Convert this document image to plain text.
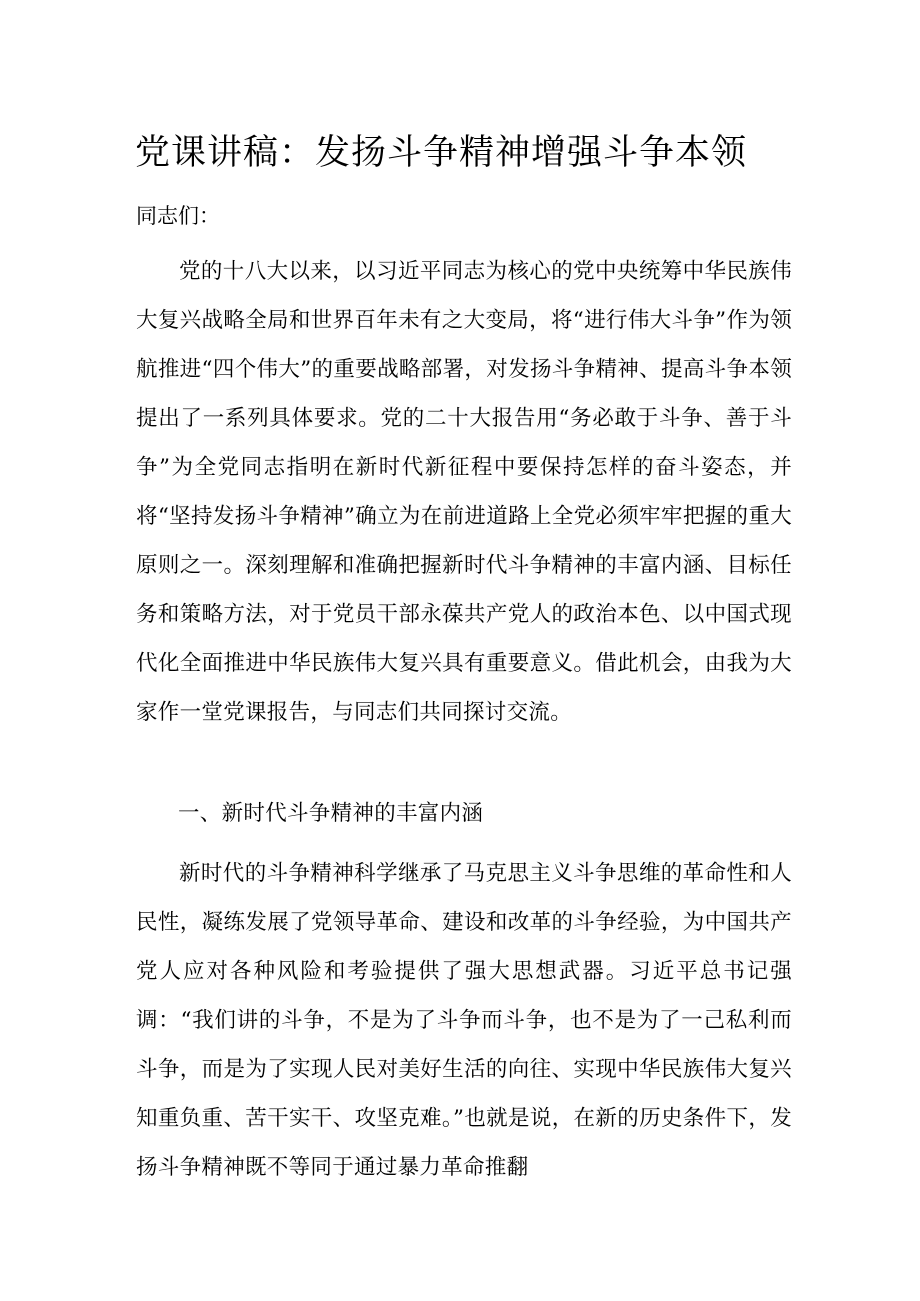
党课讲稿：发扬斗争精神增强斗争本领

同志们：

党的十八大以来，以习近平同志为核心的党中央统筹中华民族伟大复兴战略全局和世界百年未有之大变局，将“进行伟大斗争”作为领航推进“四个伟大”的重要战略部署，对发扬斗争精神、提高斗争本领提出了一系列具体要求。党的二十大报告用“务必敢于斗争、善于斗争”为全党同志指明在新时代新征程中要保持怎样的奋斗姿态，并将“坚持发扬斗争精神”确立为在前进道路上全党必须牢牢把握的重大原则之一。深刻理解和准确把握新时代斗争精神的丰富内涵、目标任务和策略方法，对于党员干部永葆共产党人的政治本色、以中国式现代化全面推进中华民族伟大复兴具有重要意义。借此机会，由我为大家作一堂党课报告，与同志们共同探讨交流。

一、新时代斗争精神的丰富内涵

新时代的斗争精神科学继承了马克思主义斗争思维的革命性和人民性，凝练发展了党领导革命、建设和改革的斗争经验，为中国共产党人应对各种风险和考验提供了强大思想武器。习近平总书记强调：“我们讲的斗争，不是为了斗争而斗争，也不是为了一己私利而斗争，而是为了实现人民对美好生活的向往、实现中华民族伟大复兴知重负重、苦干实干、攻坚克难。”也就是说，在新的历史条件下，发扬斗争精神既不等同于通过暴力革命推翻
